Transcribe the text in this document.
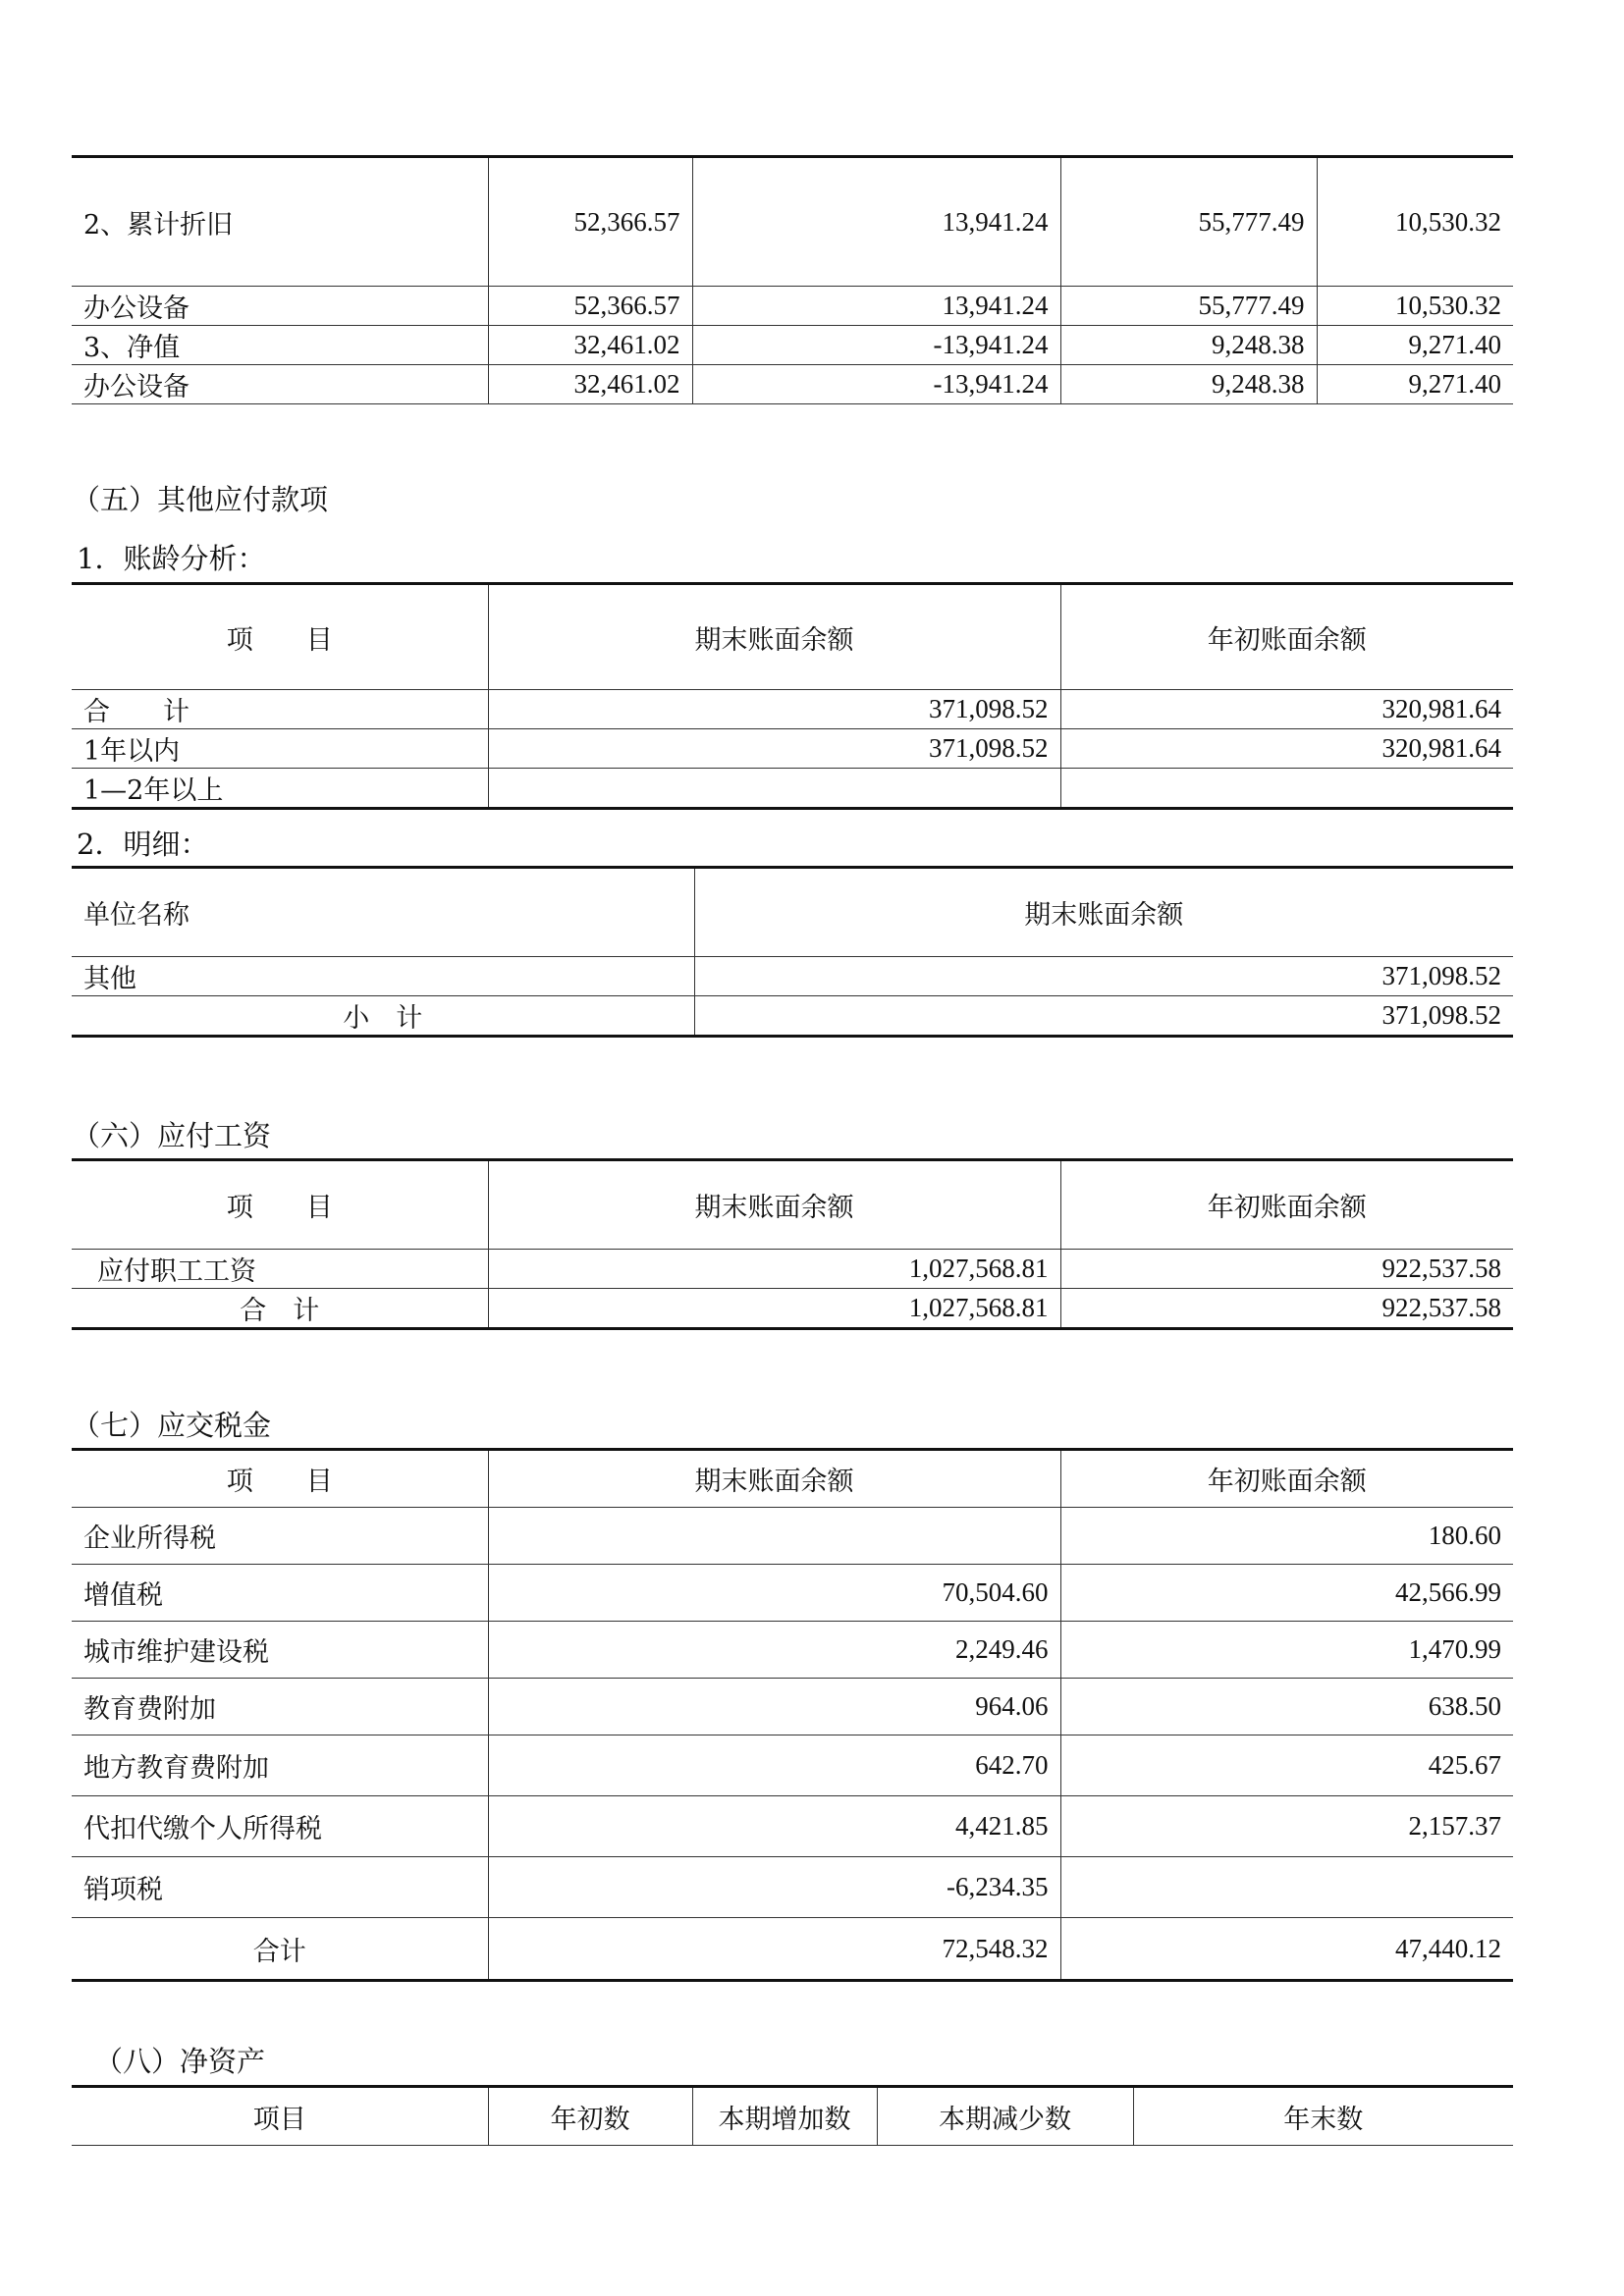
2、累计折旧	52,366.57	13,941.24	55,777.49	10,530.32
办公设备	52,366.57	13,941.24	55,777.49	10,530.32
3、净值	32,461.02	-13,941.24	9,248.38	9,271.40
办公设备	32,461.02	-13,941.24	9,248.38	9,271.40
（五）其他应付款项
1．账龄分析：
项　　目	期末账面余额	年初账面余额
合　　计	371,098.52	320,981.64
1年以内	371,098.52	320,981.64
1—2年以上		
2．明细：
单位名称	期末账面余额
其他	371,098.52
小　计	371,098.52
（六）应付工资
项　　目	期末账面余额	年初账面余额
应付职工工资	1,027,568.81	922,537.58
合　计	1,027,568.81	922,537.58
（七）应交税金
项　　目	期末账面余额	年初账面余额
企业所得税		180.60
增值税	70,504.60	42,566.99
城市维护建设税	2,249.46	1,470.99
教育费附加	964.06	638.50
地方教育费附加	642.70	425.67
代扣代缴个人所得税	4,421.85	2,157.37
销项税	-6,234.35	
合计	72,548.32	47,440.12
（八）净资产
项目	年初数	本期增加数	本期减少数	年末数
